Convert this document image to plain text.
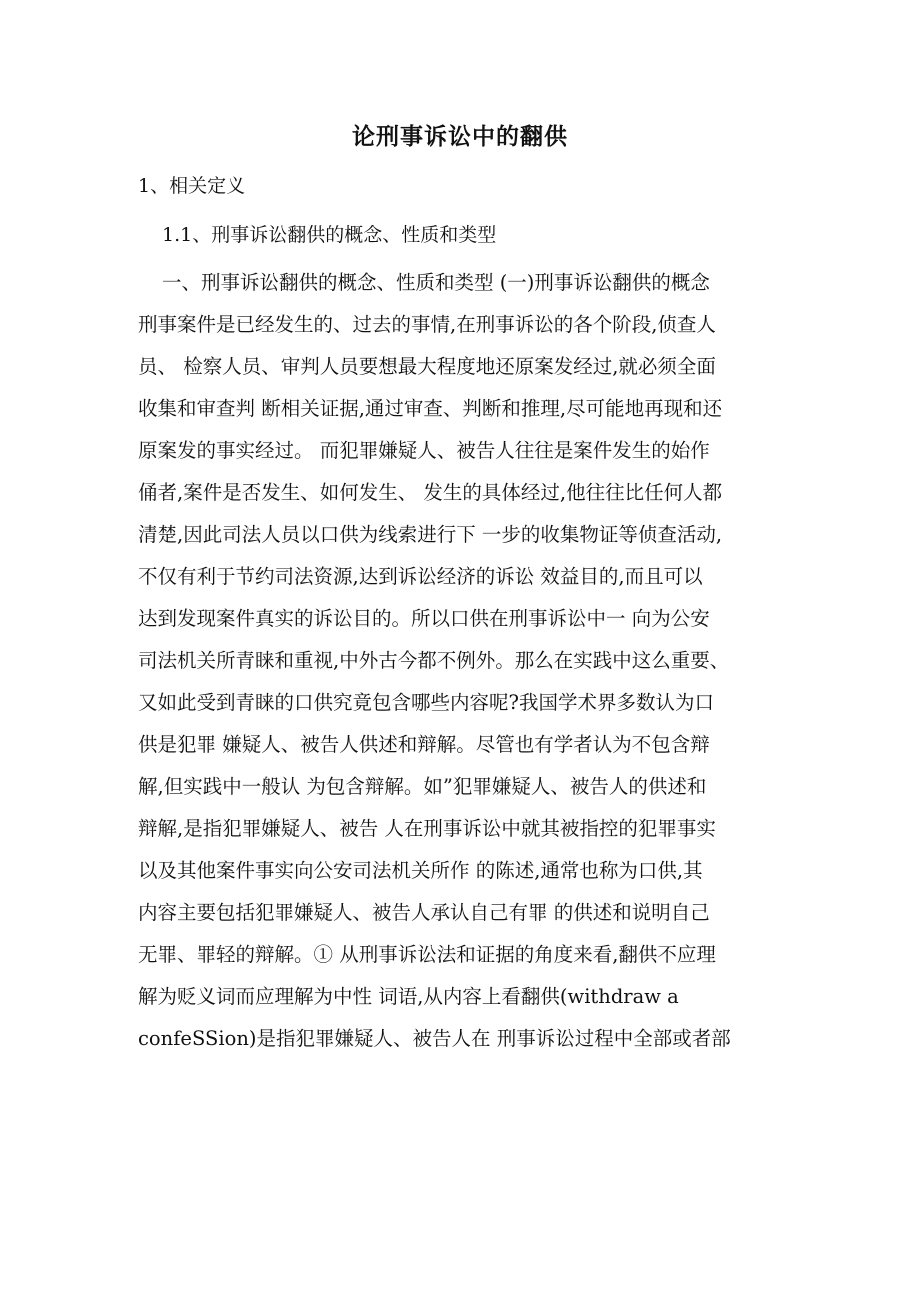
论刑事诉讼中的翻供
1、相关定义
1.1、刑事诉讼翻供的概念、性质和类型
一、刑事诉讼翻供的概念、性质和类型 (一)刑事诉讼翻供的概念
刑事案件是已经发生的、过去的事情,在刑事诉讼的各个阶段,侦查人
员、 检察人员、审判人员要想最大程度地还原案发经过,就必须全面
收集和审查判 断相关证据,通过审查、判断和推理,尽可能地再现和还
原案发的事实经过。 而犯罪嫌疑人、被告人往往是案件发生的始作
俑者,案件是否发生、如何发生、 发生的具体经过,他往往比任何人都
清楚,因此司法人员以口供为线索进行下 一步的收集物证等侦查活动,
不仅有利于节约司法资源,达到诉讼经济的诉讼 效益目的,而且可以
达到发现案件真实的诉讼目的。所以口供在刑事诉讼中一 向为公安
司法机关所青睐和重视,中外古今都不例外。那么在实践中这么重要、
又如此受到青睐的口供究竟包含哪些内容呢?我国学术界多数认为口
供是犯罪 嫌疑人、被告人供述和辩解。尽管也有学者认为不包含辩
解,但实践中一般认 为包含辩解。如”犯罪嫌疑人、被告人的供述和
辩解,是指犯罪嫌疑人、被告 人在刑事诉讼中就其被指控的犯罪事实
以及其他案件事实向公安司法机关所作 的陈述,通常也称为口供,其
内容主要包括犯罪嫌疑人、被告人承认自己有罪 的供述和说明自己
无罪、罪轻的辩解。① 从刑事诉讼法和证据的角度来看,翻供不应理
解为贬义词而应理解为中性 词语,从内容上看翻供(withdraw a
confeSSion)是指犯罪嫌疑人、被告人在 刑事诉讼过程中全部或者部
